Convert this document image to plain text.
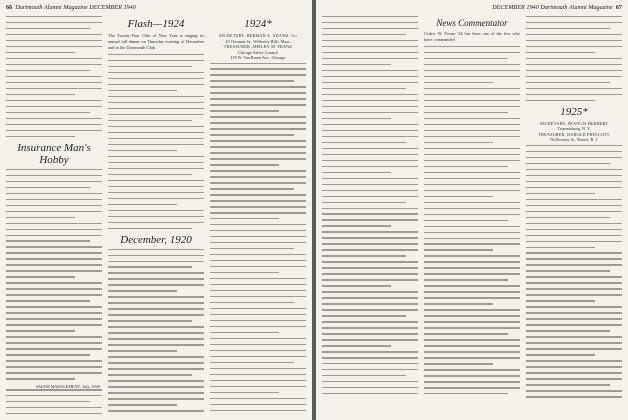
66 Dartmouth Alumni Magazine DECEMBER 1940
Insurance Man's Hobby
SALEM MANAGEMENT, July, 1940
Flash—1924

The Twenty-Four Club of New York is staging its annual fall dinner on Thursday evening of December and in the Dartmouth Club.

December, 1920
1924*
SECRETARY, HERMAN A. ADAMS, 1st
45 Chestnut St., Wellesley Hills, Mass.
TREASURER, SHELBY M. FRANZ
Chicago Safety Council
155 W. Van Buren Ave., Chicago
DECEMBER 1940 Dartmouth Alumni Magazine 67
News Commentator

Cedric W. Foster '24 has been one of the few who have commanded

1925*
SECRETARY, FRANCIS HERBERT
Trumansburg, N. Y.
TREASURER, HAROLD PRESCOTT
76 Downey St., Bristol, R. I.
